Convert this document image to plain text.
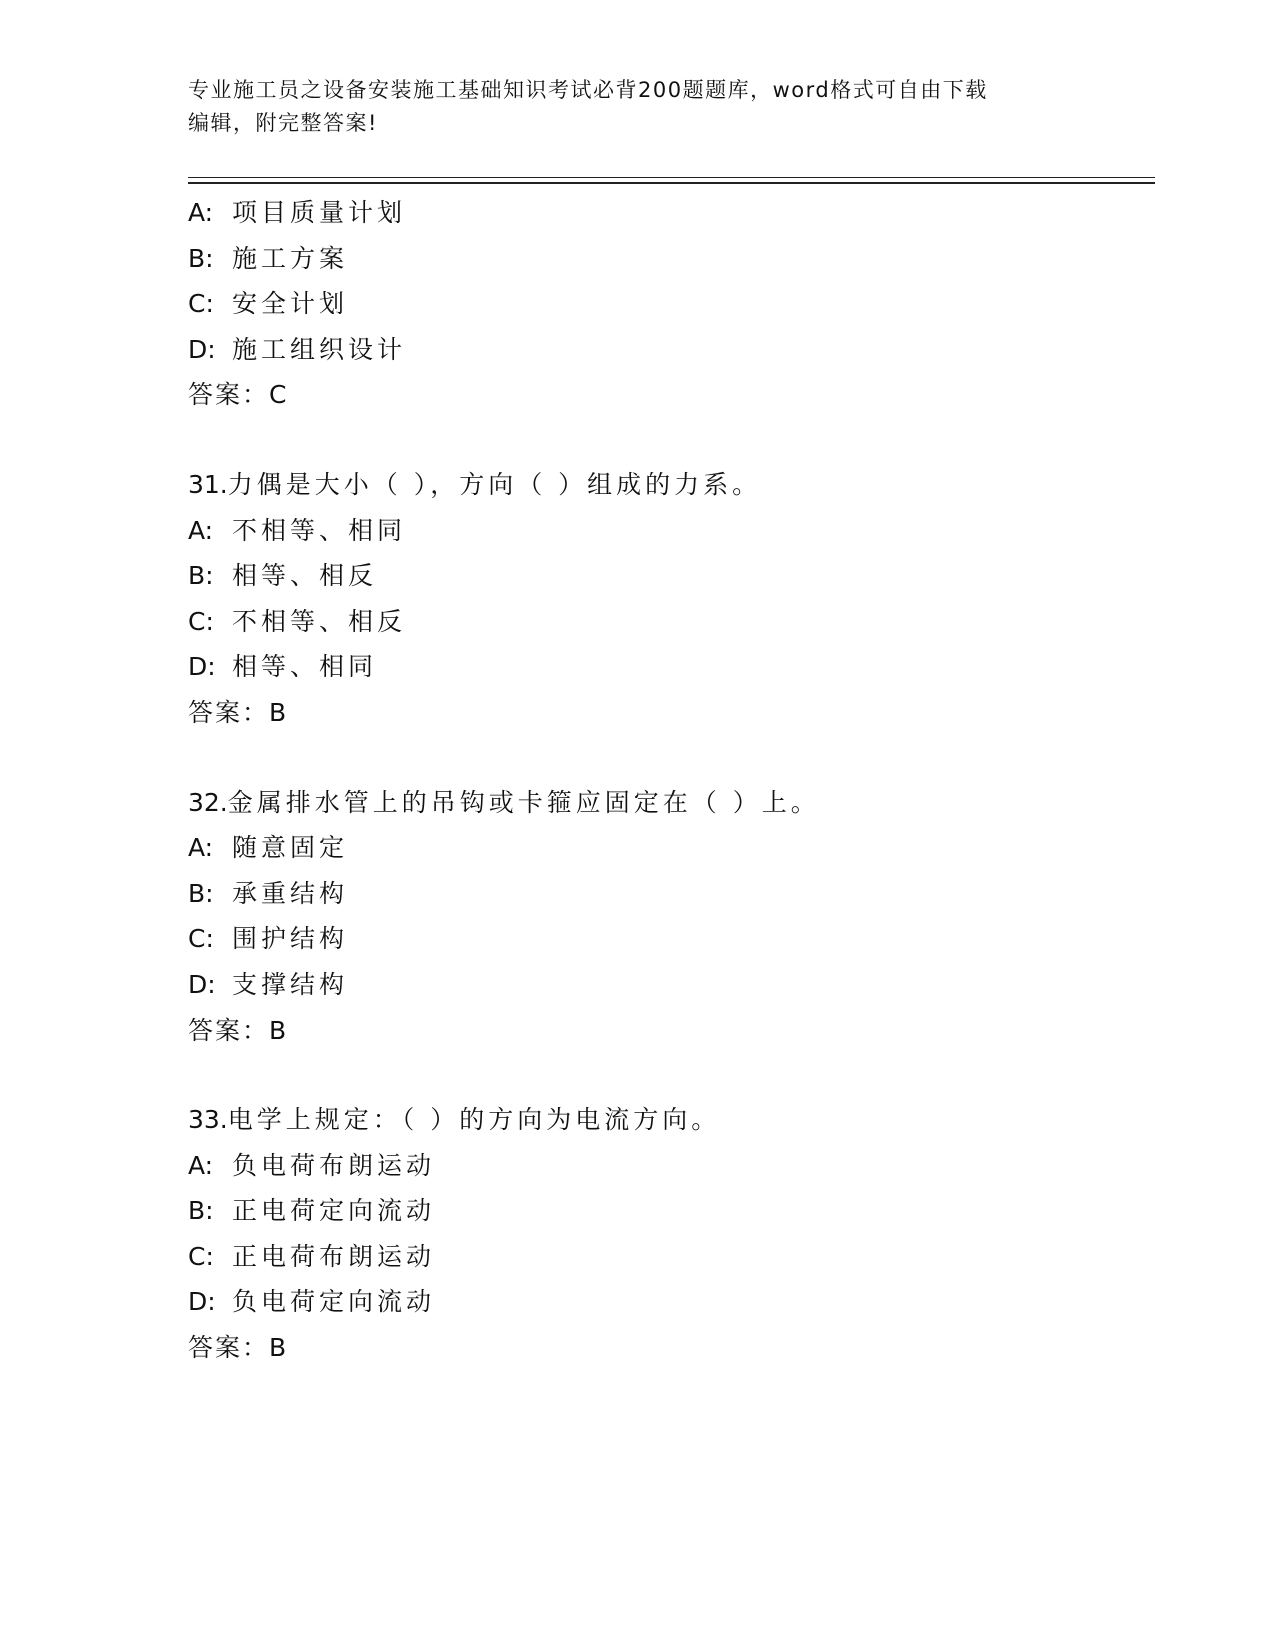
专业施工员之设备安装施工基础知识考试必背200题题库，word格式可自由下载
编辑，附完整答案!
A: 项目质量计划
B: 施工方案
C: 安全计划
D: 施工组织设计
答案：C
31.力偶是大小（ ），方向（ ）组成的力系。
A: 不相等、相同
B: 相等、相反
C: 不相等、相反
D: 相等、相同
答案：B
32.金属排水管上的吊钩或卡箍应固定在（ ）上。
A: 随意固定
B: 承重结构
C: 围护结构
D: 支撑结构
答案：B
33.电学上规定：（ ）的方向为电流方向。
A: 负电荷布朗运动
B: 正电荷定向流动
C: 正电荷布朗运动
D: 负电荷定向流动
答案：B
